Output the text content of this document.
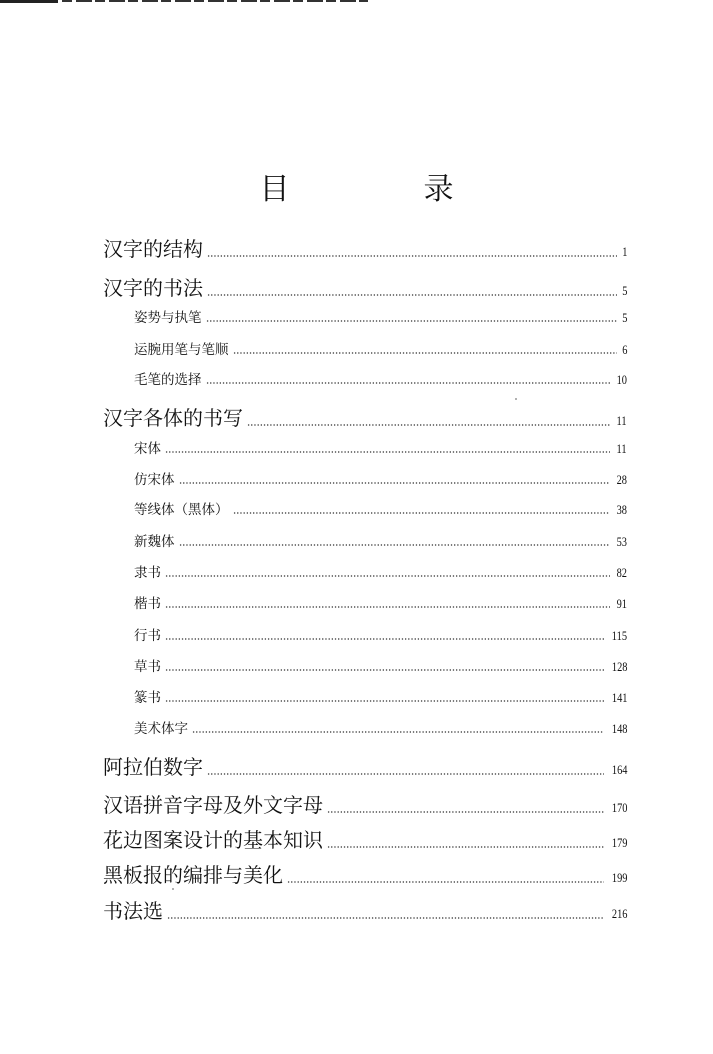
目　录
汉字的结构	1
汉字的书法	5
姿势与执笔	5
运腕用笔与笔顺	6
毛笔的选择	10
汉字各体的书写	11
宋体	11
仿宋体	28
等线体（黑体）	38
新魏体	53
隶书	82
楷书	91
行书	115
草书	128
篆书	141
美术体字	148
阿拉伯数字	164
汉语拼音字母及外文字母	170
花边图案设计的基本知识	179
黑板报的编排与美化	199
书法选	216
